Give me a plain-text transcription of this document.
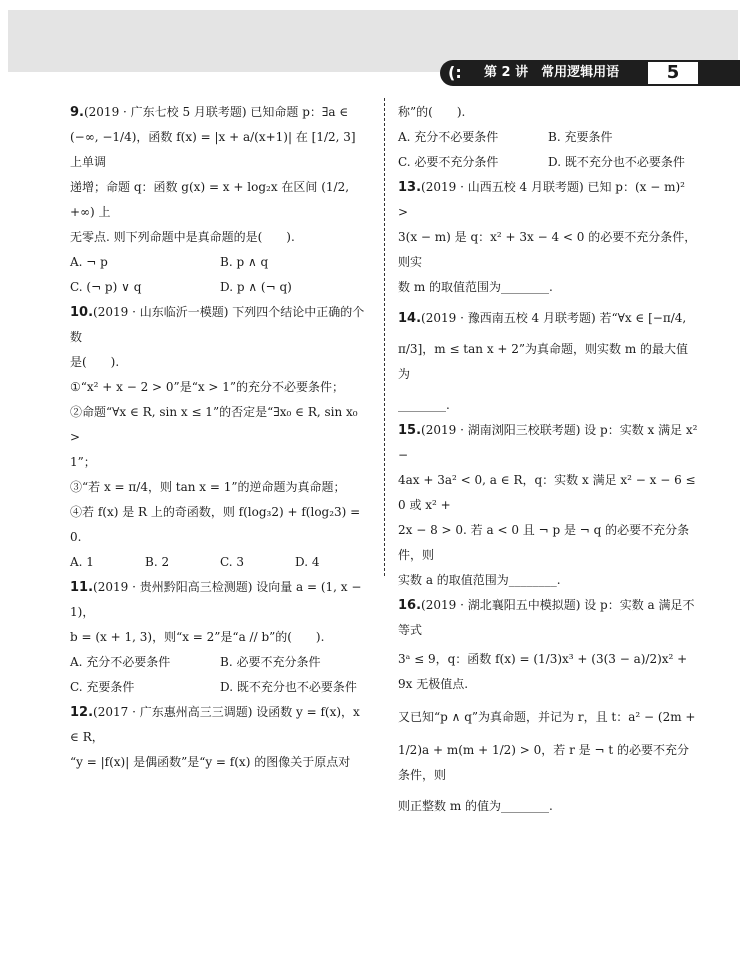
(:	第 2 讲　常用逻辑用语	5
9.(2019 · 广东七校 5 月联考题) 已知命题 p：∃a ∈
(−∞, −1/4)，函数 f(x) = |x + a/(x+1)| 在 [1/2, 3] 上单调
递增；命题 q：函数 g(x) = x + log₂x 在区间 (1/2, +∞) 上
无零点. 则下列命题中是真命题的是(　　).
A. ¬ p	B. p ∧ q
C. (¬ p) ∨ q	D. p ∧ (¬ q)
10.(2019 · 山东临沂一模题) 下列四个结论中正确的个数
是(　　).
①“x² + x − 2 > 0”是“x > 1”的充分不必要条件；
②命题“∀x ∈ R, sin x ≤ 1”的否定是“∃x₀ ∈ R, sin x₀ >
1”；
③“若 x = π/4，则 tan x = 1”的逆命题为真命题；
④若 f(x) 是 R 上的奇函数，则 f(log₃2) + f(log₂3) = 0.
A. 1	B. 2	C. 3	D. 4
11.(2019 · 贵州黔阳高三检测题) 设向量 a = (1, x − 1)，
b = (x + 1, 3)，则“x = 2”是“a // b”的(　　).
A. 充分不必要条件	B. 必要不充分条件
C. 充要条件	D. 既不充分也不必要条件
12.(2017 · 广东惠州高三三调题) 设函数 y = f(x)，x ∈ R，
“y = |f(x)| 是偶函数”是“y = f(x) 的图像关于原点对
称”的(　　).
A. 充分不必要条件	B. 充要条件
C. 必要不充分条件	D. 既不充分也不必要条件
13.(2019 · 山西五校 4 月联考题) 已知 p：(x − m)² >
3(x − m) 是 q：x² + 3x − 4 < 0 的必要不充分条件，则实
数 m 的取值范围为________.
14.(2019 · 豫西南五校 4 月联考题) 若“∀x ∈ [−π/4,
π/3]，m ≤ tan x + 2”为真命题，则实数 m 的最大值为
________.
15.(2019 · 湖南浏阳三校联考题) 设 p：实数 x 满足 x² −
4ax + 3a² < 0, a ∈ R，q：实数 x 满足 x² − x − 6 ≤ 0 或 x² +
2x − 8 > 0. 若 a < 0 且 ¬ p 是 ¬ q 的必要不充分条件，则
实数 a 的取值范围为________.
16.(2019 · 湖北襄阳五中模拟题) 设 p：实数 a 满足不等式
3ᵃ ≤ 9，q：函数 f(x) = (1/3)x³ + (3(3 − a)/2)x² + 9x 无极值点.
又已知“p ∧ q”为真命题，并记为 r，且 t：a² − (2m +
1/2)a + m(m + 1/2) > 0，若 r 是 ¬ t 的必要不充分条件，则
则正整数 m 的值为________.
